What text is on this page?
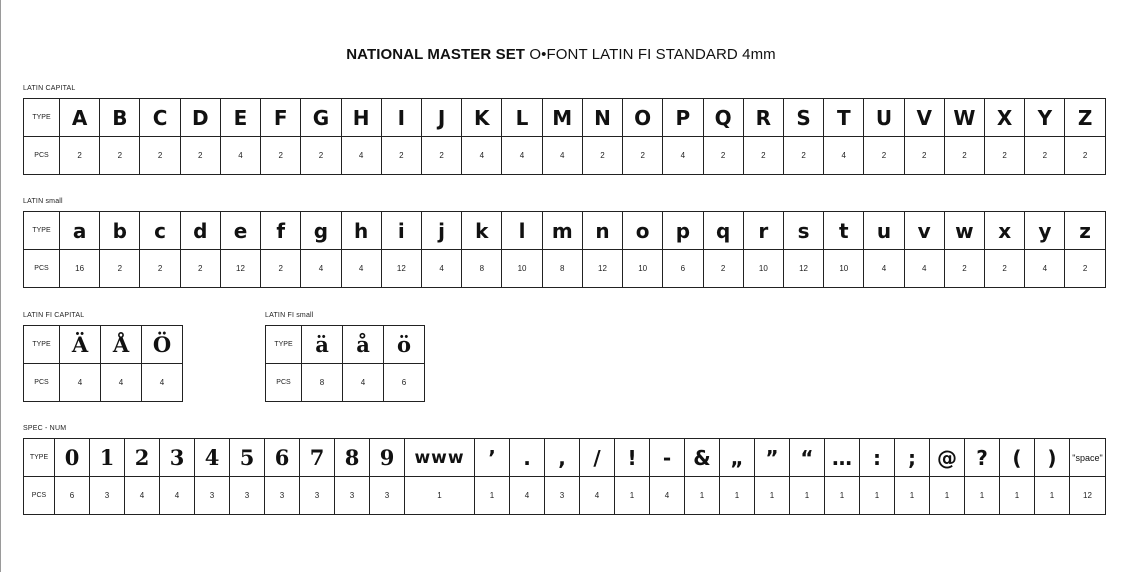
NATIONAL MASTER SET O•FONT LATIN FI STANDARD 4mm
LATIN CAPITAL
TYPE	A	B	C	D	E	F	G	H	I	J	K	L	M	N	O	P	Q	R	S	T	U	V	W	X	Y	Z
PCS	2	2	2	2	4	2	2	4	2	2	4	4	4	2	2	4	2	2	2	4	2	2	2	2	2	2
LATIN small
TYPE	a	b	c	d	e	f	g	h	i	j	k	l	m	n	o	p	q	r	s	t	u	v	w	x	y	z
PCS	16	2	2	2	12	2	4	4	12	4	8	10	8	12	10	6	2	10	12	10	4	4	2	2	4	2
LATIN FI CAPITAL
TYPE	Ä	Å	Ö
PCS	4	4	4
LATIN FI small
TYPE	ä	å	ö
PCS	8	4	6
SPEC - NUM
TYPE	0	1	2	3	4	5	6	7	8	9	www	’	.	,	/	!	-	&	„	”	“	…	:	;	@	?	(	)	"space"
PCS	6	3	4	4	3	3	3	3	3	3	1	1	4	3	4	1	4	1	1	1	1	1	1	1	1	1	1	1	12
